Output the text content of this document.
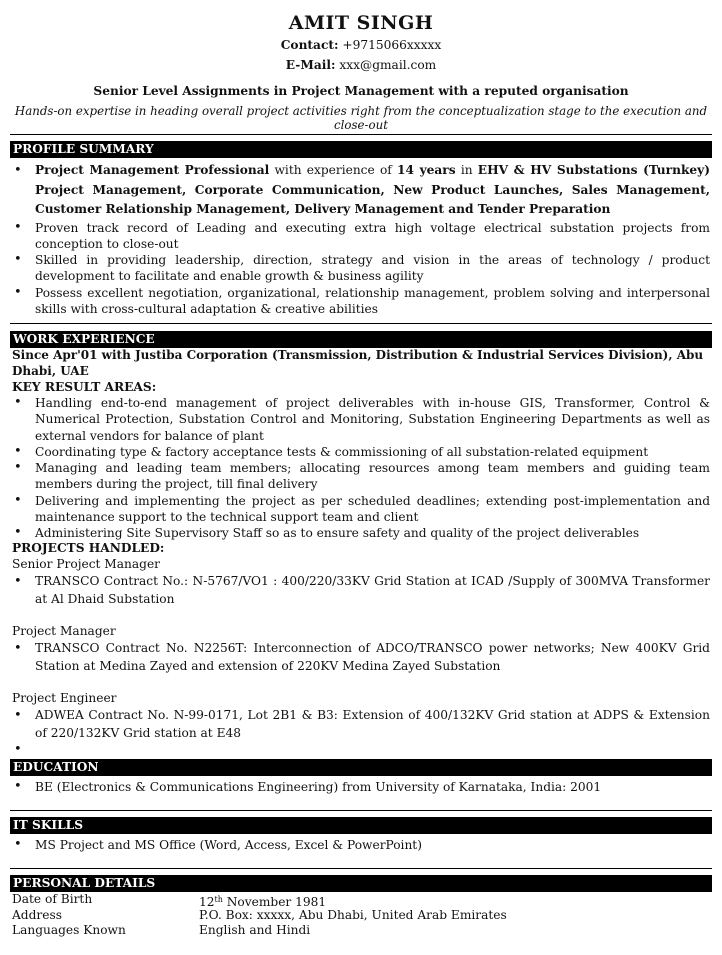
AMIT SINGH
Contact: +9715066xxxxx
E-Mail: xxx@gmail.com
Senior Level Assignments in Project Management with a reputed organisation
Hands-on expertise in heading overall project activities right from the conceptualization stage to the execution and close-out
PROFILE SUMMARY
• Project Management Professional with experience of 14 years in EHV & HV Substations (Turnkey) Project Management, Corporate Communication, New Product Launches, Sales Management, Customer Relationship Management, Delivery Management and Tender Preparation
• Proven track record of Leading and executing extra high voltage electrical substation projects from conception to close-out
• Skilled in providing leadership, direction, strategy and vision in the areas of technology / product development to facilitate and enable growth & business agility
• Possess excellent negotiation, organizational, relationship management, problem solving and interpersonal skills with cross-cultural adaptation & creative abilities
WORK EXPERIENCE
Since Apr'01 with Justiba Corporation (Transmission, Distribution & Industrial Services Division), Abu Dhabi, UAE
KEY RESULT AREAS:
• Handling end-to-end management of project deliverables with in-house GIS, Transformer, Control & Numerical Protection, Substation Control and Monitoring, Substation Engineering Departments as well as external vendors for balance of plant
• Coordinating type & factory acceptance tests & commissioning of all substation-related equipment
• Managing and leading team members; allocating resources among team members and guiding team members during the project, till final delivery
• Delivering and implementing the project as per scheduled deadlines; extending post-implementation and maintenance support to the technical support team and client
• Administering Site Supervisory Staff so as to ensure safety and quality of the project deliverables
PROJECTS HANDLED:
Senior Project Manager
• TRANSCO Contract No.: N-5767/VO1 : 400/220/33KV Grid Station at ICAD /Supply of 300MVA Transformer at Al Dhaid Substation
Project Manager
• TRANSCO Contract No. N2256T: Interconnection of ADCO/TRANSCO power networks; New 400KV Grid Station at Medina Zayed and extension of 220KV Medina Zayed Substation
Project Engineer
• ADWEA Contract No. N-99-0171, Lot 2B1 & B3: Extension of 400/132KV Grid station at ADPS & Extension of 220/132KV Grid station at E48
•
EDUCATION
• BE (Electronics & Communications Engineering) from University of Karnataka, India: 2001
IT SKILLS
• MS Project and MS Office (Word, Access, Excel & PowerPoint)
PERSONAL DETAILS
Date of Birth	12th November 1981
Address	P.O. Box: xxxxx, Abu Dhabi, United Arab Emirates
Languages Known	English and Hindi
